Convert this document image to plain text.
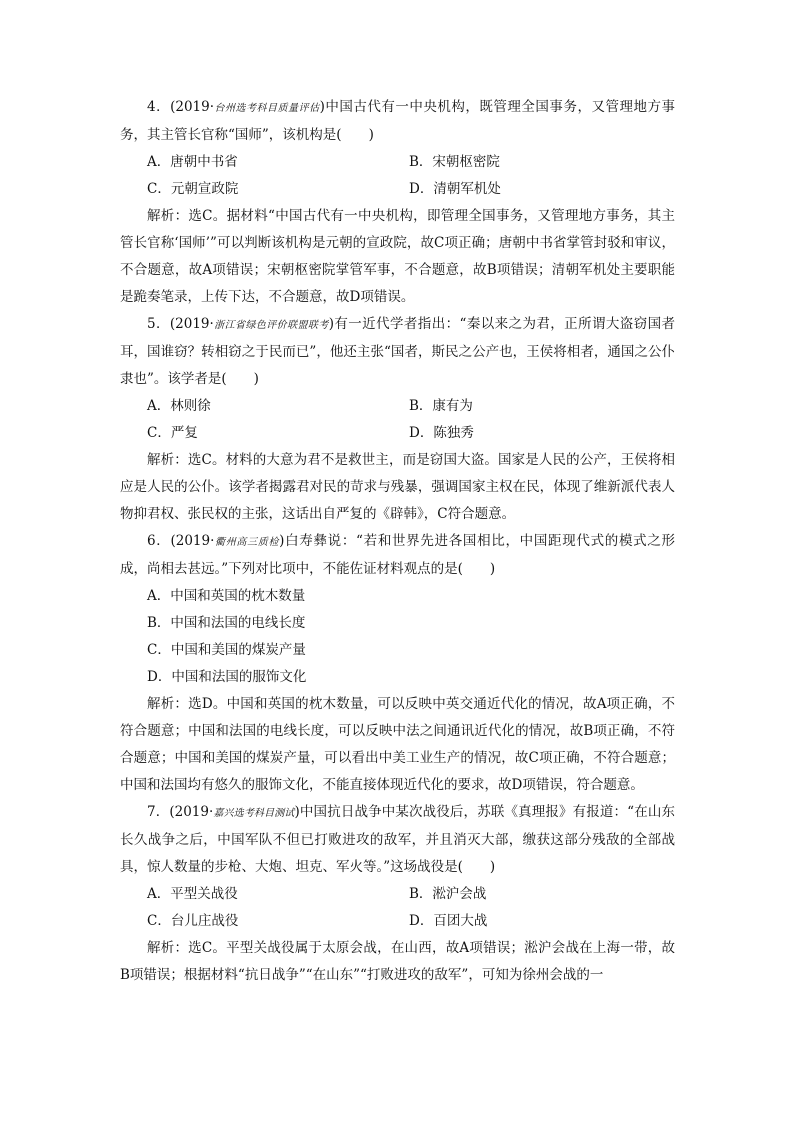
4．(2019·台州选考科目质量评估)中国古代有一中央机构，既管理全国事务，又管理地方事务，其主管长官称“国师”，该机构是(　　)

A．唐朝中书省	B．宋朝枢密院
C．元朝宣政院	D．清朝军机处

解析：选C。据材料“中国古代有一中央机构，即管理全国事务，又管理地方事务，其主管长官称‘国师’”可以判断该机构是元朝的宣政院，故C项正确；唐朝中书省掌管封驳和审议，不合题意，故A项错误；宋朝枢密院掌管军事，不合题意，故B项错误；清朝军机处主要职能是跪奏笔录，上传下达，不合题意，故D项错误。

5．(2019·浙江省绿色评价联盟联考)有一近代学者指出：“秦以来之为君，正所谓大盗窃国者耳，国谁窃？转相窃之于民而已”，他还主张“国者，斯民之公产也，王侯将相者，通国之公仆隶也”。该学者是(　　)

A．林则徐	B．康有为
C．严复	D．陈独秀

解析：选C。材料的大意为君不是救世主，而是窃国大盗。国家是人民的公产，王侯将相应是人民的公仆。该学者揭露君对民的苛求与残暴，强调国家主权在民，体现了维新派代表人物抑君权、张民权的主张，这话出自严复的《辟韩》，C符合题意。

6．(2019·衢州高三质检)白寿彝说：“若和世界先进各国相比，中国距现代式的模式之形成，尚相去甚远。”下列对比项中，不能佐证材料观点的是(　　)

A．中国和英国的枕木数量

B．中国和法国的电线长度

C．中国和美国的煤炭产量

D．中国和法国的服饰文化

解析：选D。中国和英国的枕木数量，可以反映中英交通近代化的情况，故A项正确，不符合题意；中国和法国的电线长度，可以反映中法之间通讯近代化的情况，故B项正确，不符合题意；中国和美国的煤炭产量，可以看出中美工业生产的情况，故C项正确，不符合题意；中国和法国均有悠久的服饰文化，不能直接体现近代化的要求，故D项错误，符合题意。

7．(2019·嘉兴选考科目测试)中国抗日战争中某次战役后，苏联《真理报》有报道：“在山东长久战争之后，中国军队不但已打败进攻的敌军，并且消灭大部，缴获这部分残敌的全部战具，惊人数量的步枪、大炮、坦克、军火等。”这场战役是(　　)

A．平型关战役	B．淞沪会战
C．台儿庄战役	D．百团大战

解析：选C。平型关战役属于太原会战，在山西，故A项错误；淞沪会战在上海一带，故B项错误；根据材料“抗日战争”“在山东”“打败进攻的敌军”，可知为徐州会战的一
